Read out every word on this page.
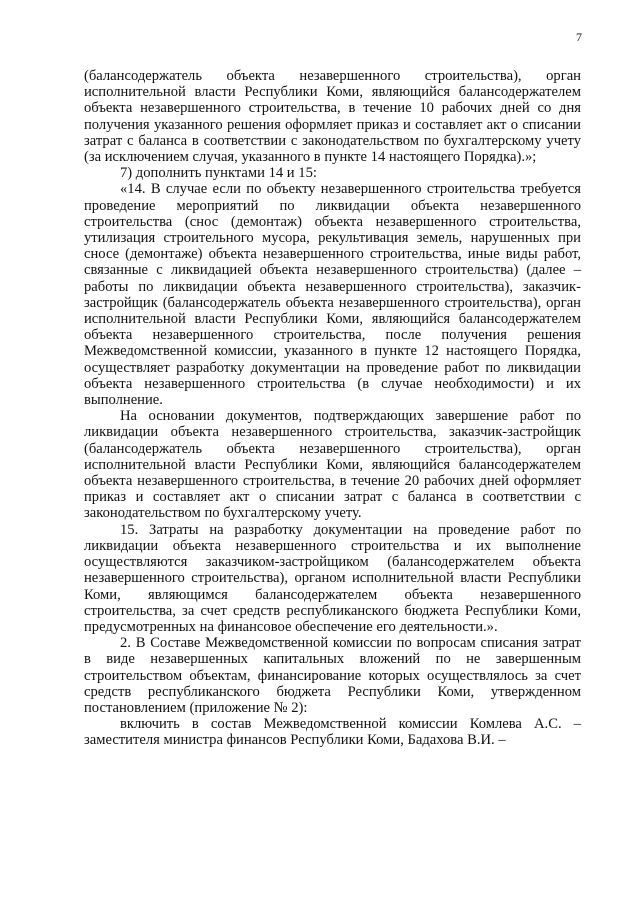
7

(балансодержатель объекта незавершенного строительства), орган исполнительной власти Республики Коми, являющийся балансодержателем объекта незавершенного строительства, в течение 10 рабочих дней со дня получения указанного решения оформляет приказ и составляет акт о списании затрат с баланса в соответствии с законодательством по бухгалтерскому учету (за исключением случая, указанного в пункте 14 настоящего Порядка).»;

7) дополнить пунктами 14 и 15:

«14. В случае если по объекту незавершенного строительства требуется проведение мероприятий по ликвидации объекта незавершенного строительства (снос (демонтаж) объекта незавершенного строительства, утилизация строительного мусора, рекультивация земель, нарушенных при сносе (демонтаже) объекта незавершенного строительства, иные виды работ, связанные с ликвидацией объекта незавершенного строительства) (далее – работы по ликвидации объекта незавершенного строительства), заказчик-застройщик (балансодержатель объекта незавершенного строительства), орган исполнительной власти Республики Коми, являющийся балансодержателем объекта незавершенного строительства, после получения решения Межведомственной комиссии, указанного в пункте 12 настоящего Порядка, осуществляет разработку документации на проведение работ по ликвидации объекта незавершенного строительства (в случае необходимости) и их выполнение.

На основании документов, подтверждающих завершение работ по ликвидации объекта незавершенного строительства, заказчик-застройщик (балансодержатель объекта незавершенного строительства), орган исполнительной власти Республики Коми, являющийся балансодержателем объекта незавершенного строительства, в течение 20 рабочих дней оформляет приказ и составляет акт о списании затрат с баланса в соответствии с законодательством по бухгалтерскому учету.

15. Затраты на разработку документации на проведение работ по ликвидации объекта незавершенного строительства и их выполнение осуществляются заказчиком-застройщиком (балансодержателем объекта незавершенного строительства), органом исполнительной власти Республики Коми, являющимся балансодержателем объекта незавершенного строительства, за счет средств республиканского бюджета Республики Коми, предусмотренных на финансовое обеспечение его деятельности.».

2. В Составе Межведомственной комиссии по вопросам списания затрат в виде незавершенных капитальных вложений по не завершенным строительством объектам, финансирование которых осуществлялось за счет средств республиканского бюджета Республики Коми, утвержденном постановлением (приложение № 2):

включить в состав Межведомственной комиссии Комлева А.С. – заместителя министра финансов Республики Коми, Бадахова В.И. –
